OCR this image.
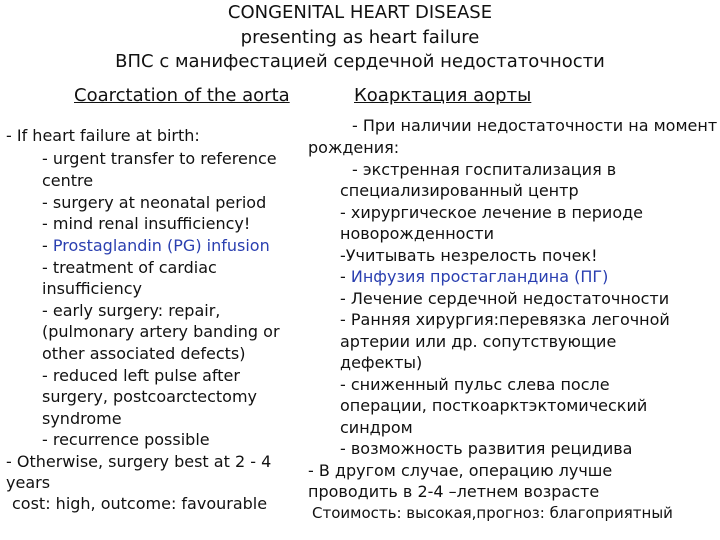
CONGENITAL HEART DISEASE
presenting as heart failure
ВПС с манифестацией сердечной недостаточности
Coarctation of the aorta	Коарктация аорты
- If heart failure at birth:
- urgent transfer to reference
centre
- surgery at neonatal period
- mind renal insufficiency!
- Prostaglandin (PG) infusion
- treatment of cardiac
insufficiency
- early surgery: repair,
(pulmonary artery banding or
other associated defects)
- reduced left pulse after
surgery, postcoarctectomy
syndrome
- recurrence possible
- Otherwise, surgery best at 2 - 4
years
cost: high, outcome: favourable
- При наличии недостаточности на момент
рождения:
- экстренная госпитализация в
специализированный центр
- хирургическое лечение в периоде
новорожденности
-Учитывать незрелость почек!
- Инфузия простагландина (ПГ)
- Лечение сердечной недостаточности
- Ранняя хирургия:перевязка легочной
артерии или др. сопутствующие
дефекты)
- сниженный пульс слева после
операции, посткоарктэктомический
синдром
- возможность развития рецидива
- В другом случае, операцию лучше
проводить в 2-4 –летнем возрасте
Стоимость: высокая,прогноз: благоприятный
